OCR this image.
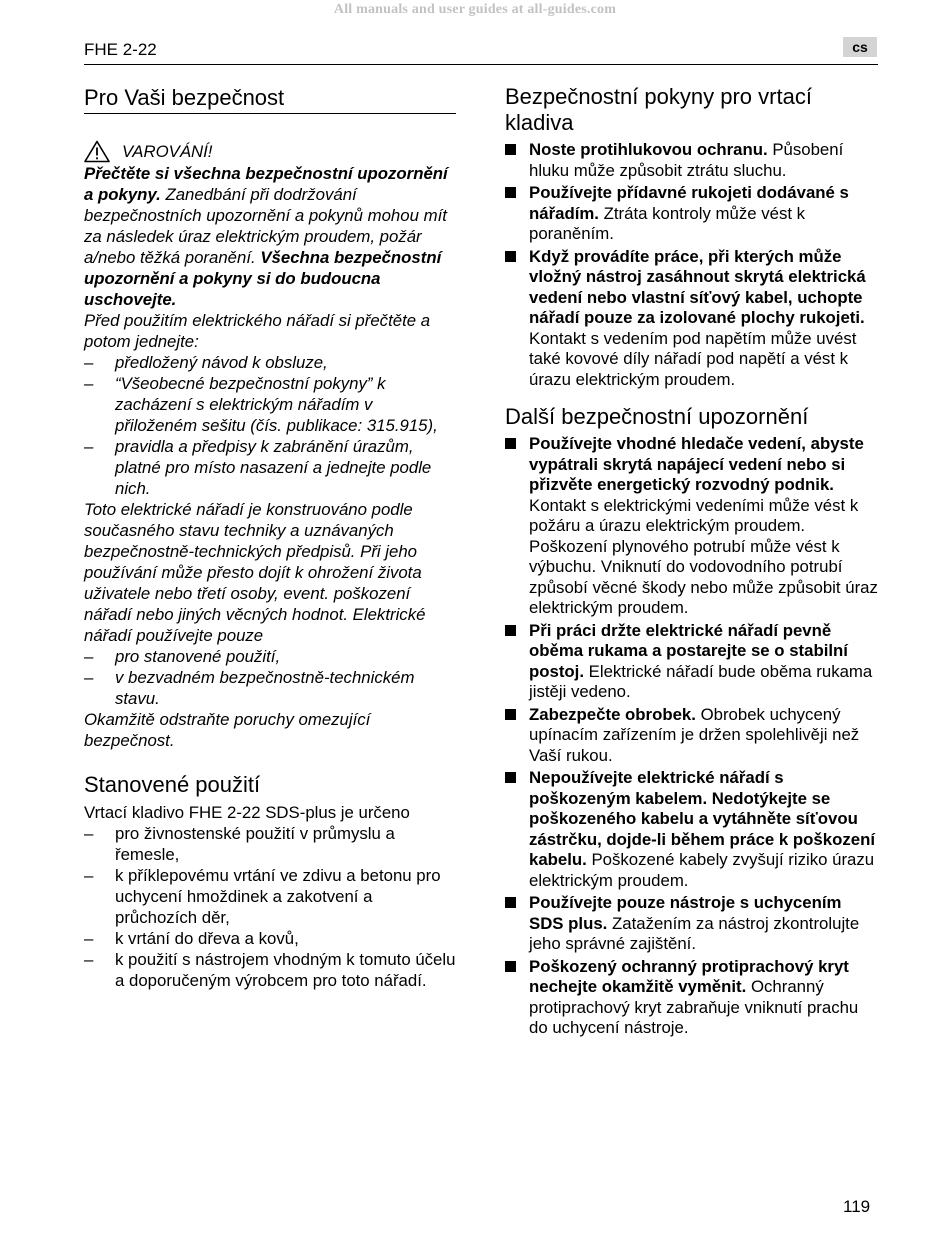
All manuals and user guides at all-guides.com
FHE 2-22	cs
Pro Vaši bezpečnost
VAROVÁNÍ!

Přečtěte si všechna bezpečnostní upozornění a pokyny. Zanedbání při dodržování bezpečnostních upozornění a pokynů mohou mít za následek úraz elektrickým proudem, požár a/nebo těžká poranění. Všechna bezpečnostní upozornění a pokyny si do budoucna uschovejte.

Před použitím elektrického nářadí si přečtěte a potom jednejte:

– předložený návod k obsluze,
– “Všeobecné bezpečnostní pokyny” k zacházení s elektrickým nářadím v přiloženém sešitu (čís. publikace: 315.915),
– pravidla a předpisy k zabránění úrazům, platné pro místo nasazení a jednejte podle nich.

Toto elektrické nářadí je konstruováno podle současného stavu techniky a uznávaných bezpečnostně-technických předpisů. Při jeho používání může přesto dojít k ohrožení života uživatele nebo třetí osoby, event. poškození nářadí nebo jiných věcných hodnot. Elektrické nářadí používejte pouze

– pro stanovené použití,
– v bezvadném bezpečnostně-technickém stavu.

Okamžitě odstraňte poruchy omezující bezpečnost.

Stanovené použití

Vrtací kladivo FHE 2-22 SDS-plus je určeno

– pro živnostenské použití v průmyslu a řemesle,
– k příklepovému vrtání ve zdivu a betonu pro uchycení hmoždinek a zakotvení a průchozích děr,
– k vrtání do dřeva a kovů,
– k použití s nástrojem vhodným k tomuto účelu a doporučeným výrobcem pro toto nářadí.
Bezpečnostní pokyny pro vrtací kladiva
Noste protihlukovou ochranu. Působení hluku může způsobit ztrátu sluchu.
Používejte přídavné rukojeti dodávané s nářadím. Ztráta kontroly může vést k poraněním.
Když provádíte práce, při kterých může vložný nástroj zasáhnout skrytá elektrická vedení nebo vlastní síťový kabel, uchopte nářadí pouze za izolované plochy rukojeti. Kontakt s vedením pod napětím může uvést také kovové díly nářadí pod napětí a vést k úrazu elektrickým proudem.
Další bezpečnostní upozornění
Používejte vhodné hledače vedení, abyste vypátrali skrytá napájecí vedení nebo si přizvěte energetický rozvodný podnik. Kontakt s elektrickými vedeními může vést k požáru a úrazu elektrickým proudem. Poškození plynového potrubí může vést k výbuchu. Vniknutí do vodovodního potrubí způsobí věcné škody nebo může způsobit úraz elektrickým proudem.
Při práci držte elektrické nářadí pevně oběma rukama a postarejte se o stabilní postoj. Elektrické nářadí bude oběma rukama jistěji vedeno.
Zabezpečte obrobek. Obrobek uchycený upínacím zařízením je držen spolehlivěji než Vaší rukou.
Nepoužívejte elektrické nářadí s poškozeným kabelem. Nedotýkejte se poškozeného kabelu a vytáhněte síťovou zástrčku, dojde-li během práce k poškození kabelu. Poškozené kabely zvyšují riziko úrazu elektrickým proudem.
Používejte pouze nástroje s uchycením SDS plus. Zatažením za nástroj zkontrolujte jeho správné zajištění.
Poškozený ochranný protiprachový kryt nechejte okamžitě vyměnit. Ochranný protiprachový kryt zabraňuje vniknutí prachu do uchycení nástroje.
119
